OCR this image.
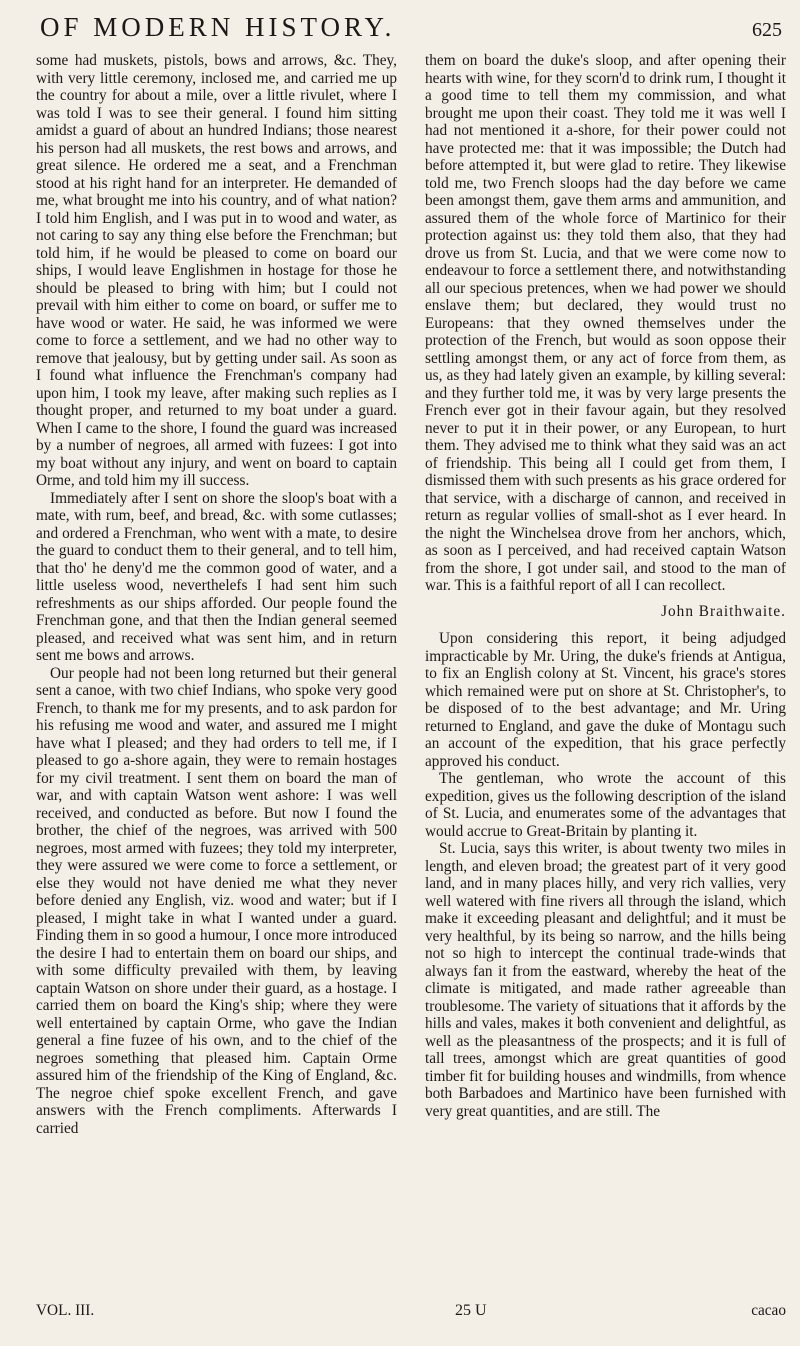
OF MODERN HISTORY.	625

some had muskets, pistols, bows and arrows, &c. They, with very little ceremony, inclosed me, and carried me up the country for about a mile, over a little rivulet, where I was told I was to see their general. I found him sitting amidst a guard of about an hundred Indians; those nearest his person had all muskets, the rest bows and arrows, and great silence. He ordered me a seat, and a Frenchman stood at his right hand for an interpreter. He demanded of me, what brought me into his country, and of what nation? I told him English, and I was put in to wood and water, as not caring to say any thing else before the Frenchman; but told him, if he would be pleased to come on board our ships, I would leave Englishmen in hostage for those he should be pleased to bring with him; but I could not prevail with him either to come on board, or suffer me to have wood or water. He said, he was informed we were come to force a settlement, and we had no other way to remove that jealousy, but by getting under sail. As soon as I found what influence the Frenchman's company had upon him, I took my leave, after making such replies as I thought proper, and returned to my boat under a guard. When I came to the shore, I found the guard was increased by a number of negroes, all armed with fuzees: I got into my boat without any injury, and went on board to captain Orme, and told him my ill success.

Immediately after I sent on shore the sloop's boat with a mate, with rum, beef, and bread, &c. with some cutlasses; and ordered a Frenchman, who went with a mate, to desire the guard to conduct them to their general, and to tell him, that tho' he deny'd me the common good of water, and a little useless wood, neverthelefs I had sent him such refreshments as our ships afforded. Our people found the Frenchman gone, and that then the Indian general seemed pleased, and received what was sent him, and in return sent me bows and arrows.

Our people had not been long returned but their general sent a canoe, with two chief Indians, who spoke very good French, to thank me for my presents, and to ask pardon for his refusing me wood and water, and assured me I might have what I pleased; and they had orders to tell me, if I pleased to go a-shore again, they were to remain hostages for my civil treatment. I sent them on board the man of war, and with captain Watson went ashore: I was well received, and conducted as before. But now I found the brother, the chief of the negroes, was arrived with 500 negroes, most armed with fuzees; they told my interpreter, they were assured we were come to force a settlement, or else they would not have denied me what they never before denied any English, viz. wood and water; but if I pleased, I might take in what I wanted under a guard. Finding them in so good a humour, I once more introduced the desire I had to entertain them on board our ships, and with some difficulty prevailed with them, by leaving captain Watson on shore under their guard, as a hostage. I carried them on board the King's ship; where they were well entertained by captain Orme, who gave the Indian general a fine fuzee of his own, and to the chief of the negroes something that pleased him. Captain Orme assured him of the friendship of the King of England, &c. The negroe chief spoke excellent French, and gave answers with the French compliments. Afterwards I carried

them on board the duke's sloop, and after opening their hearts with wine, for they scorn'd to drink rum, I thought it a good time to tell them my commission, and what brought me upon their coast. They told me it was well I had not mentioned it a-shore, for their power could not have protected me: that it was impossible; the Dutch had before attempted it, but were glad to retire. They likewise told me, two French sloops had the day before we came been amongst them, gave them arms and ammunition, and assured them of the whole force of Martinico for their protection against us: they told them also, that they had drove us from St. Lucia, and that we were come now to endeavour to force a settlement there, and notwithstanding all our specious pretences, when we had power we should enslave them; but declared, they would trust no Europeans: that they owned themselves under the protection of the French, but would as soon oppose their settling amongst them, or any act of force from them, as us, as they had lately given an example, by killing several: and they further told me, it was by very large presents the French ever got in their favour again, but they resolved never to put it in their power, or any European, to hurt them. They advised me to think what they said was an act of friendship. This being all I could get from them, I dismissed them with such presents as his grace ordered for that service, with a discharge of cannon, and received in return as regular vollies of small-shot as I ever heard. In the night the Winchelsea drove from her anchors, which, as soon as I perceived, and had received captain Watson from the shore, I got under sail, and stood to the man of war. This is a faithful report of all I can recollect.

John Braithwaite.

Upon considering this report, it being adjudged impracticable by Mr. Uring, the duke's friends at Antigua, to fix an English colony at St. Vincent, his grace's stores which remained were put on shore at St. Christopher's, to be disposed of to the best advantage; and Mr. Uring returned to England, and gave the duke of Montagu such an account of the expedition, that his grace perfectly approved his conduct.

The gentleman, who wrote the account of this expedition, gives us the following description of the island of St. Lucia, and enumerates some of the advantages that would accrue to Great-Britain by planting it.

St. Lucia, says this writer, is about twenty two miles in length, and eleven broad; the greatest part of it very good land, and in many places hilly, and very rich vallies, very well watered with fine rivers all through the island, which make it exceeding pleasant and delightful; and it must be very healthful, by its being so narrow, and the hills being not so high to intercept the continual trade-winds that always fan it from the eastward, whereby the heat of the climate is mitigated, and made rather agreeable than troublesome. The variety of situations that it affords by the hills and vales, makes it both convenient and delightful, as well as the pleasantness of the prospects; and it is full of tall trees, amongst which are great quantities of good timber fit for building houses and windmills, from whence both Barbadoes and Martinico have been furnished with very great quantities, and are still. The

VOL. III.	cacao
25 U
